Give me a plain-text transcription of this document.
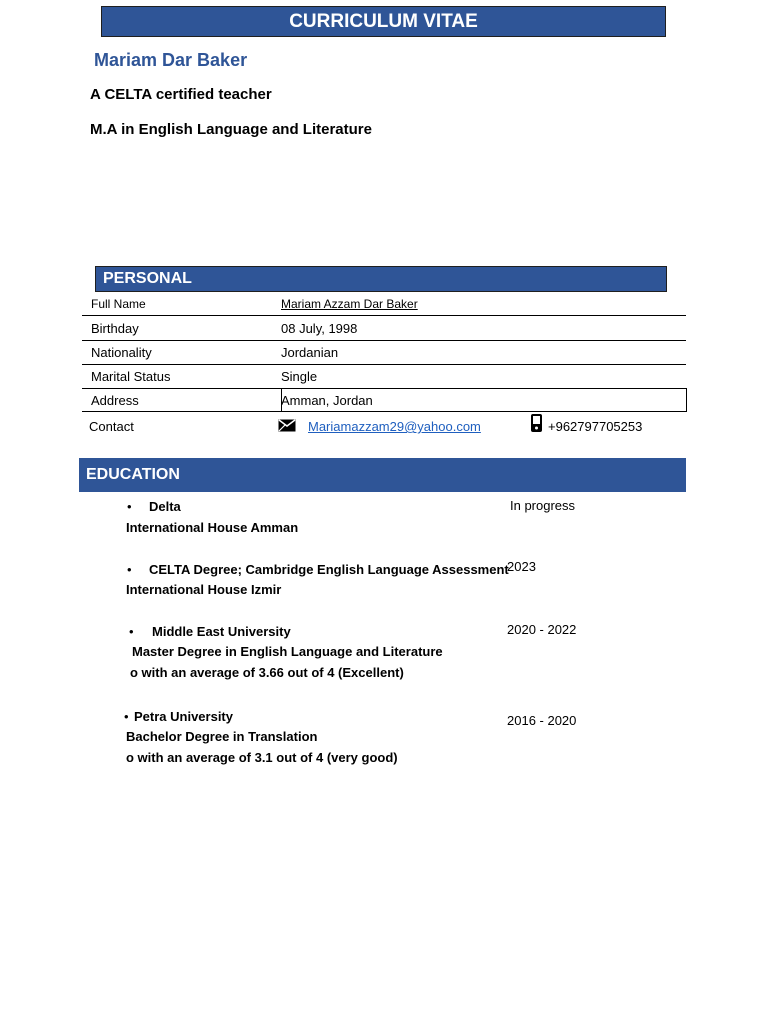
CURRICULUM VITAE
Mariam Dar Baker
A CELTA certified teacher
M.A in English Language and Literature
PERSONAL
Full Name	Mariam Azzam Dar Baker
Birthday	08 July, 1998
Nationality	Jordanian
Marital Status	Single
Address	Amman, Jordan
Contact	Mariamazzam29@yahoo.com	+962797705253
EDUCATION
• Delta
International House Amman
In progress
• CELTA Degree; Cambridge English Language Assessment
International House Izmir
2023
• Middle East University
Master Degree in English Language and Literature
o with an average of 3.66 out of 4 (Excellent)
2020 - 2022
• Petra University
Bachelor Degree in Translation
o with an average of 3.1 out of 4 (very good)
2016 - 2020
